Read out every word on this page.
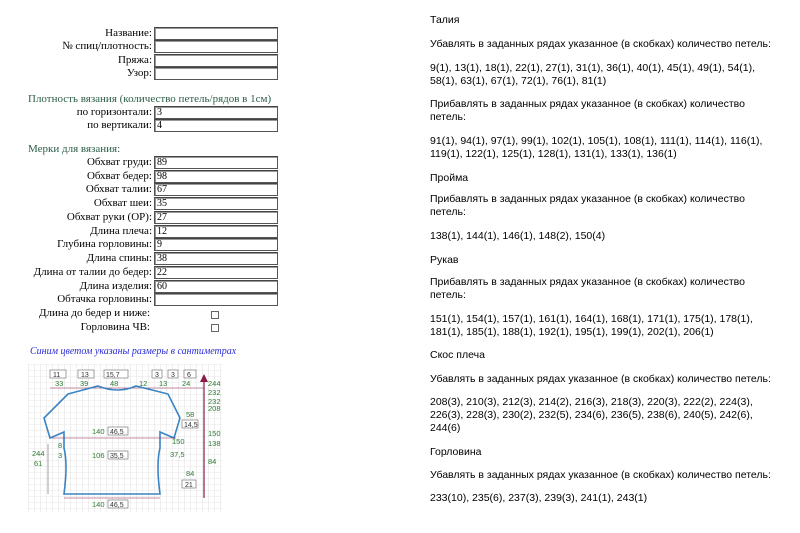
Название:
№ спиц/плотность:
Пряжа:
Узор:
Плотность вязания (количество петель/рядов в 1см)
по горизонтали: 3
по вертикали: 4
Мерки для вязания:
Обхват груди: 89
Обхват бедер: 98
Обхват талии: 67
Обхват шеи: 35
Обхват руки (ОР): 27
Длина плеча: 12
Глубина горловины: 9
Длина спины: 38
Длина от талии до бедер: 22
Длина изделия: 60
Обтачка горловины:
Длина до бедер и ниже:
Горловина ЧВ:
Синим цветом указаны размеры в сантиметрах
11	13 15,7	3 3 6
33 39	48	12 13 24 244
232
232
208
58
14,5
140 46,5	150
138
244
61
8
3	106 35,5
150
37,5
84
84
21
140 46,5
Талия
Убавлять в заданных рядах указанное (в скобках) количество петель:
9(1), 13(1), 18(1), 22(1), 27(1), 31(1), 36(1), 40(1), 45(1), 49(1), 54(1), 58(1), 63(1), 67(1), 72(1), 76(1), 81(1)
Прибавлять в заданных рядах указанное (в скобках) количество петель:
91(1), 94(1), 97(1), 99(1), 102(1), 105(1), 108(1), 111(1), 114(1), 116(1), 119(1), 122(1), 125(1), 128(1), 131(1), 133(1), 136(1)
Пройма
Прибавлять в заданных рядах указанное (в скобках) количество петель:
138(1), 144(1), 146(1), 148(2), 150(4)
Рукав
Прибавлять в заданных рядах указанное (в скобках) количество петель:
151(1), 154(1), 157(1), 161(1), 164(1), 168(1), 171(1), 175(1), 178(1), 181(1), 185(1), 188(1), 192(1), 195(1), 199(1), 202(1), 206(1)
Скос плеча
Убавлять в заданных рядах указанное (в скобках) количество петель:
208(3), 210(3), 212(3), 214(2), 216(3), 218(3), 220(3), 222(2), 224(3), 226(3), 228(3), 230(2), 232(5), 234(6), 236(5), 238(6), 240(5), 242(6), 244(6)
Горловина
Убавлять в заданных рядах указанное (в скобках) количество петель:
233(10), 235(6), 237(3), 239(3), 241(1), 243(1)
